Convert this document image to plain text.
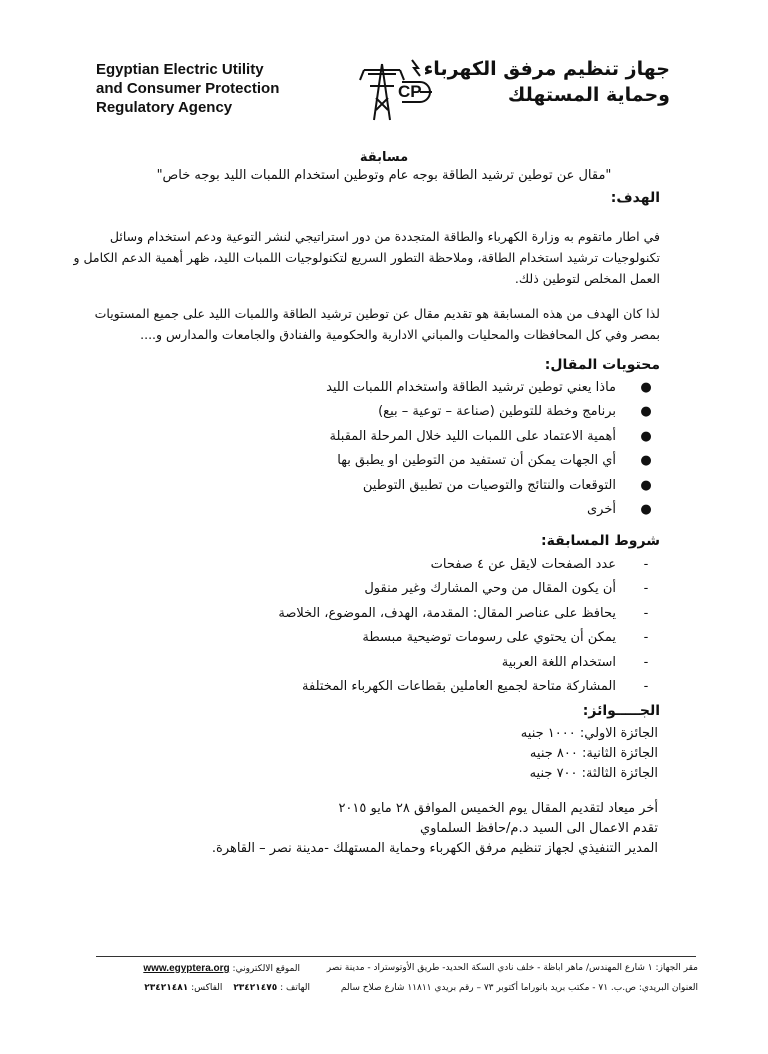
Egyptian Electric Utility
and Consumer Protection
Regulatory Agency
CP
جهاز تنظيم مرفق الكهرباء
وحماية المستهلك
مسابقة
"مقال عن توطين ترشيد الطاقة بوجه عام وتوطين استخدام اللمبات الليد بوجه خاص"
الهدف:
في اطار ماتقوم به وزارة الكهرباء والطاقة المتجددة من دور استراتيجي لنشر التوعية ودعم استخدام وسائل تكنولوجيات ترشيد استخدام الطاقة، وملاحظة التطور السريع لتكنولوجيات اللمبات الليد، ظهر أهمية الدعم الكامل و العمل المخلص لتوطين ذلك.
لذا كان الهدف من هذه المسابقة هو تقديم مقال عن توطين ترشيد الطاقة واللمبات الليد على جميع المستويات بمصر وفي كل المحافظات والمحليات والمباني الادارية والحكومية والفنادق والجامعات والمدارس و....
محتويات المقال:
●
ماذا يعني توطين ترشيد الطاقة واستخدام اللمبات الليد
●
برنامج وخطة للتوطين (صناعة – توعية – بيع)
●
أهمية الاعتماد على اللمبات الليد خلال المرحلة المقبلة
●
أي الجهات يمكن أن تستفيد من التوطين او يطبق بها
●
التوقعات والنتائج والتوصيات من تطبيق التوطين
●
أخرى
شروط المسابقة:
-
عدد الصفحات لايقل عن ٤ صفحات
-
أن يكون المقال من وحي المشارك وغير منقول
-
يحافظ على عناصر المقال: المقدمة، الهدف، الموضوع، الخلاصة
-
يمكن أن يحتوي على رسومات توضيحية مبسطة
-
استخدام اللغة العربية
-
المشاركة متاحة لجميع العاملين بقطاعات الكهرباء المختلفة
الجـــــوائز:
الجائزة الاولي: ١٠٠٠ جنيه
الجائزة الثانية: ٨٠٠ جنيه
الجائزة الثالثة: ٧٠٠ جنيه
أخر ميعاد لتقديم المقال يوم الخميس الموافق ٢٨ مايو ٢٠١٥
تقدم الاعمال الى السيد د.م/حافظ السلماوي
المدير التنفيذي لجهاز تنظيم مرفق الكهرباء وحماية المستهلك -مدينة نصر – القاهرة.
مقر الجهاز: ١ شارع المهندس/ ماهر اباظة - خلف نادي السكة الحديد- طريق الأوتوستراد - مدينة نصر
العنوان البريدي: ص.ب. ٧١ - مكتب بريد بانوراما أكتوبر ٧٣ – رقم بريدي ١١٨١١ شارع صلاح سالم
الموقع الالكتروني: www.egyptera.org
الهاتف : ٢٣٤٢١٤٧٥ الفاكس: ٢٣٤٢١٤٨١
